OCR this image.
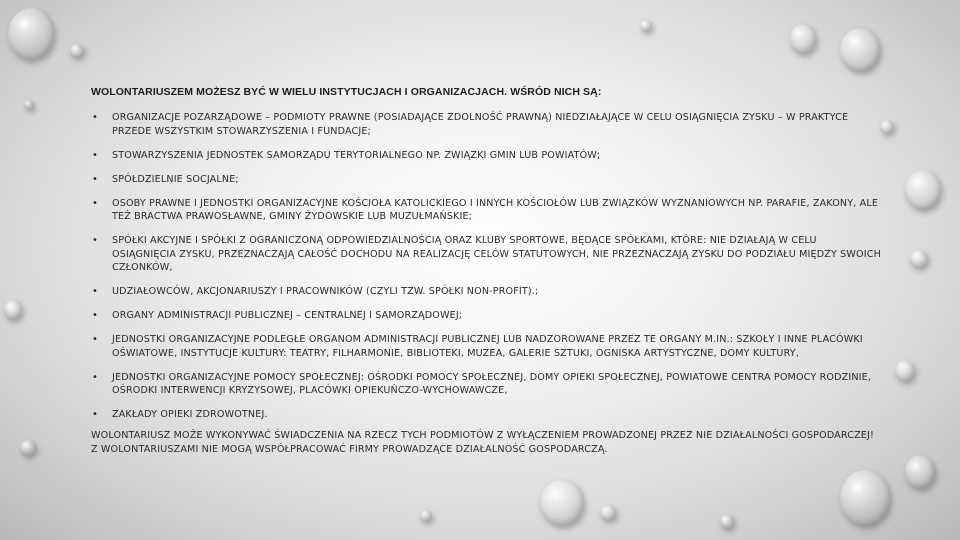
WOLONTARIUSZEM MOŻESZ BYĆ W WIELU INSTYTUCJACH I ORGANIZACJACH. WŚRÓD NICH SĄ:
• ORGANIZACJE POZARZĄDOWE – PODMIOTY PRAWNE (POSIADAJĄCE ZDOLNOŚĆ PRAWNĄ) NIEDZIAŁAJĄCE W CELU OSIĄGNIĘCIA ZYSKU – W PRAKTYCE PRZEDE WSZYSTKIM STOWARZYSZENIA I FUNDACJE;
• STOWARZYSZENIA JEDNOSTEK SAMORZĄDU TERYTORIALNEGO NP. ZWIĄZKI GMIN LUB POWIATÓW;
• SPÓŁDZIELNIE SOCJALNE;
• OSOBY PRAWNE I JEDNOSTKI ORGANIZACYJNE KOŚCIOŁA KATOLICKIEGO I INNYCH KOŚCIOŁÓW LUB ZWIĄZKÓW WYZNANIOWYCH NP. PARAFIE, ZAKONY, ALE TEŻ BRACTWA PRAWOSŁAWNE, GMINY ŻYDOWSKIE LUB MUZUŁMAŃSKIE;
• SPÓŁKI AKCYJNE I SPÓŁKI Z OGRANICZONĄ ODPOWIEDZIALNOŚCIĄ ORAZ KLUBY SPORTOWE, BĘDĄCE SPÓŁKAMI, KTÓRE: NIE DZIAŁAJĄ W CELU OSIĄGNIĘCIA ZYSKU, PRZEZNACZAJĄ CAŁOŚĆ DOCHODU NA REALIZACJĘ CELÓW STATUTOWYCH, NIE PRZEZNACZAJĄ ZYSKU DO PODZIAŁU MIĘDZY SWOICH CZŁONKÓW,
• UDZIAŁOWCÓW, AKCJONARIUSZY I PRACOWNIKÓW (CZYLI TZW. SPÓŁKI NON-PROFIT).;
• ORGANY ADMINISTRACJI PUBLICZNEJ – CENTRALNEJ I SAMORZĄDOWEJ;
• JEDNOSTKI ORGANIZACYJNE PODLEGŁE ORGANOM ADMINISTRACJI PUBLICZNEJ LUB NADZOROWANE PRZEZ TE ORGANY M.IN.: SZKOŁY I INNE PLACÓWKI OŚWIATOWE, INSTYTUCJE KULTURY: TEATRY, FILHARMONIE, BIBLIOTEKI, MUZEA, GALERIE SZTUKI, OGNISKA ARTYSTYCZNE, DOMY KULTURY,
• JEDNOSTKI ORGANIZACYJNE POMOCY SPOŁECZNEJ: OŚRODKI POMOCY SPOŁECZNEJ, DOMY OPIEKI SPOŁECZNEJ, POWIATOWE CENTRA POMOCY RODZINIE, OŚRODKI INTERWENCJI KRYZYSOWEJ, PLACÓWKI OPIEKUŃCZO-WYCHOWAWCZE,
• ZAKŁADY OPIEKI ZDROWOTNEJ.
WOLONTARIUSZ MOŻE WYKONYWAĆ ŚWIADCZENIA NA RZECZ TYCH PODMIOTÓW Z WYŁĄCZENIEM PROWADZONEJ PRZEZ NIE DZIAŁALNOŚCI GOSPODARCZEJ! Z WOLONTARIUSZAMI NIE MOGĄ WSPÓŁPRACOWAĆ FIRMY PROWADZĄCE DZIAŁALNOŚĆ GOSPODARCZĄ.
